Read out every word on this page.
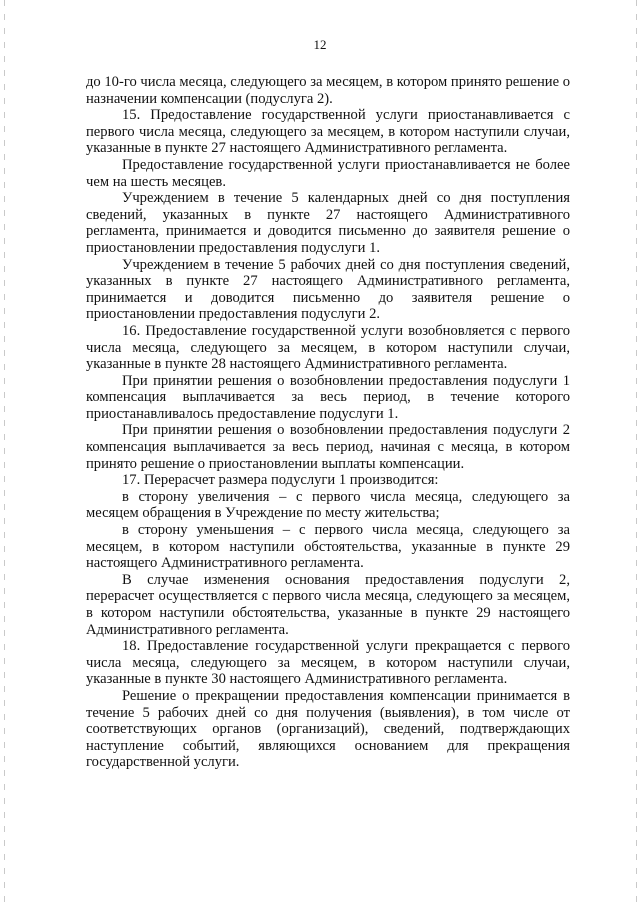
12

до 10-го числа месяца, следующего за месяцем, в котором принято решение о назначении компенсации (подуслуга 2).

15. Предоставление государственной услуги приостанавливается с первого числа месяца, следующего за месяцем, в котором наступили случаи, указанные в пункте 27 настоящего Административного регламента.

Предоставление государственной услуги приостанавливается не более чем на шесть месяцев.

Учреждением в течение 5 календарных дней со дня поступления сведений, указанных в пункте 27 настоящего Административного регламента, принимается и доводится письменно до заявителя решение о приостановлении предоставления подуслуги 1.

Учреждением в течение 5 рабочих дней со дня поступления сведений, указанных в пункте 27 настоящего Административного регламента, принимается и доводится письменно до заявителя решение о приостановлении предоставления подуслуги 2.

16. Предоставление государственной услуги возобновляется с первого числа месяца, следующего за месяцем, в котором наступили случаи, указанные в пункте 28 настоящего Административного регламента.

При принятии решения о возобновлении предоставления подуслуги 1 компенсация выплачивается за весь период, в течение которого приостанавливалось предоставление подуслуги 1.

При принятии решения о возобновлении предоставления подуслуги 2 компенсация выплачивается за весь период, начиная с месяца, в котором принято решение о приостановлении выплаты компенсации.

17. Перерасчет размера подуслуги 1 производится:

в сторону увеличения – с первого числа месяца, следующего за месяцем обращения в Учреждение по месту жительства;

в сторону уменьшения – с первого числа месяца, следующего за месяцем, в котором наступили обстоятельства, указанные в пункте 29 настоящего Административного регламента.

В случае изменения основания предоставления подуслуги 2, перерасчет осуществляется с первого числа месяца, следующего за месяцем, в котором наступили обстоятельства, указанные в пункте 29 настоящего Административного регламента.

18. Предоставление государственной услуги прекращается с первого числа месяца, следующего за месяцем, в котором наступили случаи, указанные в пункте 30 настоящего Административного регламента.

Решение о прекращении предоставления компенсации принимается в течение 5 рабочих дней со дня получения (выявления), в том числе от соответствующих органов (организаций), сведений, подтверждающих наступление событий, являющихся основанием для прекращения государственной услуги.
